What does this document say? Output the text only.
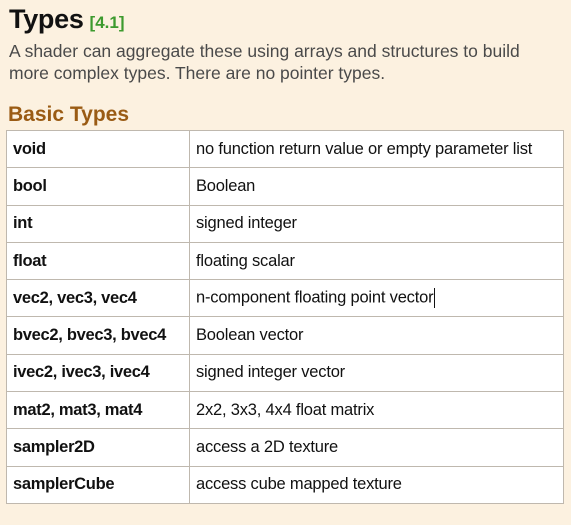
Types [4.1]
A shader can aggregate these using arrays and structures to build
more complex types. There are no pointer types.
Basic Types
void	no function return value or empty parameter list
bool	Boolean
int	signed integer
float	floating scalar
vec2, vec3, vec4	n-component floating point vector
bvec2, bvec3, bvec4	Boolean vector
ivec2, ivec3, ivec4	signed integer vector
mat2, mat3, mat4	2x2, 3x3, 4x4 float matrix
sampler2D	access a 2D texture
samplerCube	access cube mapped texture
